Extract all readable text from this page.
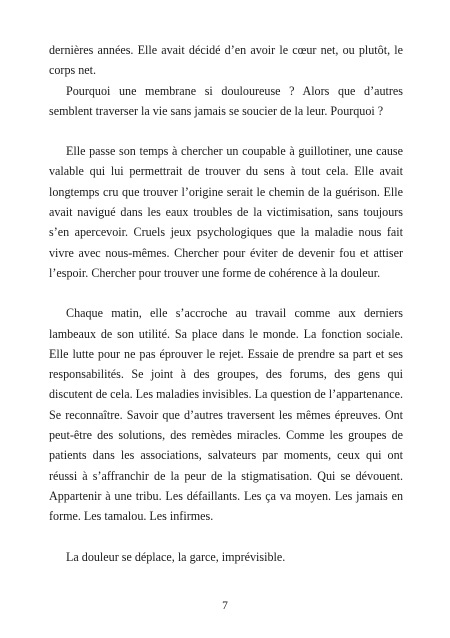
dernières années. Elle avait décidé d’en avoir le cœur net, ou plutôt, le corps net.

Pourquoi une membrane si douloureuse ? Alors que d’autres semblent traverser la vie sans jamais se soucier de la leur. Pourquoi ?

Elle passe son temps à chercher un coupable à guillotiner, une cause valable qui lui permettrait de trouver du sens à tout cela. Elle avait longtemps cru que trouver l’origine serait le chemin de la guérison. Elle avait navigué dans les eaux troubles de la victimisation, sans toujours s’en apercevoir. Cruels jeux psychologiques que la maladie nous fait vivre avec nous-mêmes. Chercher pour éviter de devenir fou et attiser l’espoir. Chercher pour trouver une forme de cohérence à la douleur.

Chaque matin, elle s’accroche au travail comme aux derniers lambeaux de son utilité. Sa place dans le monde. La fonction sociale. Elle lutte pour ne pas éprouver le rejet. Essaie de prendre sa part et ses responsabilités. Se joint à des groupes, des forums, des gens qui discutent de cela. Les maladies invisibles. La question de l’appartenance. Se reconnaître. Savoir que d’autres traversent les mêmes épreuves. Ont peut-être des solutions, des remèdes miracles. Comme les groupes de patients dans les associations, salvateurs par moments, ceux qui ont réussi à s’affranchir de la peur de la stigmatisation. Qui se dévouent. Appartenir à une tribu. Les défaillants. Les ça va moyen. Les jamais en forme. Les tamalou. Les infirmes.

La douleur se déplace, la garce, imprévisible.

7
